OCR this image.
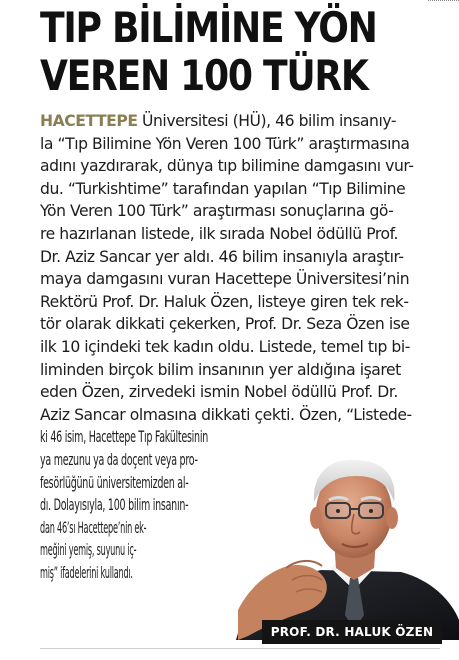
TIP BİLİMİNE YÖN
VEREN 100 TÜRK
HACETTEPE Üniversitesi (HÜ), 46 bilim insanıy-
la “Tıp Bilimine Yön Veren 100 Türk” araştırmasına
adını yazdırarak, dünya tıp bilimine damgasını vur-
du. “Turkishtime” tarafından yapılan “Tıp Bilimine
Yön Veren 100 Türk” araştırması sonuçlarına gö-
re hazırlanan listede, ilk sırada Nobel ödüllü Prof.
Dr. Aziz Sancar yer aldı. 46 bilim insanıyla araştır-
maya damgasını vuran Hacettepe Üniversitesi’nin
Rektörü Prof. Dr. Haluk Özen, listeye giren tek rek-
tör olarak dikkati çekerken, Prof. Dr. Seza Özen ise
ilk 10 içindeki tek kadın oldu. Listede, temel tıp bi-
liminden birçok bilim insanının yer aldığına işaret
eden Özen, zirvedeki ismin Nobel ödüllü Prof. Dr.
Aziz Sancar olmasına dikkati çekti. Özen, “Listede-
ki 46 isim, Hacettepe Tıp Fakültesinin
ya mezunu ya da doçent veya pro-
fesörlüğünü üniversitemizden al-
dı. Dolayısıyla, 100 bilim insanın-
dan 46’sı Hacettepe’nin ek-
meğini yemiş, suyunu iç-
miş” ifadelerini kullandı.
PROF. DR. HALUK ÖZEN
